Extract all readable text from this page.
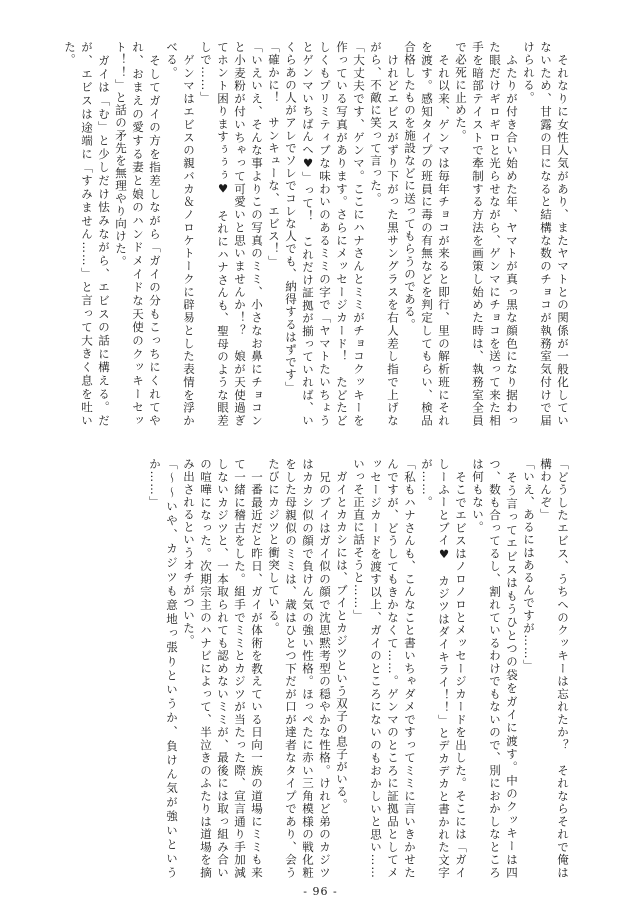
　それなりに女性人気があり、またヤマトとの関係が一般化していないため、甘露の日になると結構な数のチョコが執務室気付けで届けられる。

　ふたりが付き合い始めた年、ヤマトが真っ黒な顔色になり据わった眼だけギロギロと光らせながら、ゲンマにチョコを送って来た相手を暗部テイストで牽制する方法を画策し始めた時は、執務室全員で必死に止めた。

　それ以来、ゲンマは毎年チョコが来ると即行、里の解析班にそれを渡す。感知タイプの班員に毒の有無などを判定してもらい、検品合格したものを施設などに送ってもらうのである。

　けれどエビスがずり下がった黒サングラスを右人差し指で上げながら、不敵に笑って言った。

「大丈夫です、ゲンマ。ここにハナさんとミミがチョコクッキーを作っている写真があります。さらにメッセージカード！　たどたどしくもプリミティブな味わいのあるミミの字で「ヤマトたいちょうとゲンマいちばんへ♥」って！　これだけ証拠が揃っていれば、いくらあの人がアレでソレでコレな人でも、納得するはずです」

「確かに！　サンキューな、エビス！」

「いえいえ、そんな事よりこの写真のミミ、小さなお鼻にチョコンと小麦粉が付いちゃって可愛いと思いませんか！？　娘が天使過ぎてホント困りますぅぅぅ♥　それにハナさんも、聖母のような眼差しで……」

　ゲンマはエビスの親バカ＆ノロケトークに辟易とした表情を浮かべる。

　そしてガイの方を指差しながら「ガイの分もこっちにくれてやれ、おまえの愛する妻と娘のハンドメイドな天使のクッキーセット！！」と話の矛先を無理やり向けた。

　ガイは「む」と少しだけ怯みながら、エビスの話に構える。だが、エビスは途端に「すみません……」と言って大きく息を吐いた。

「どうしたエビス、うちへのクッキーは忘れたか？　それならそれで俺は構わんぞ」

「いえ、あるにはあるんですが……」

　そう言ってエビスはもうひとつの袋をガイに渡す。中のクッキーは四つ、数も合ってるし、割れているわけでもないので、別におかしなところは何もない。

　そこでエビスはノロノロとメッセージカードを出した。そこには「ガイしーふーとブイ♥　カジツはダイキライ！！」とデカデカと書かれた文字が……。

「私もハナさんも、こんなこと書いちゃダメですってミミに言いきかせたんですが、どうしてもきかなくて……。ゲンマのところに証拠品としてメッセージカードを渡す以上、ガイのところにないのもおかしいと思い……いっそ正直に話そうと……」

　ガイとカカシには、ブイとカジツという双子の息子がいる。

　兄のブイはガイ似の顔で沈思黙考型の穏やかな性格。けれど弟のカジツはカカシ似の顔で負けん気の強い性格。ほっぺたに赤い三角模様の戦化粧をした母親似のミミは、歳はひとつ下だが口が達者なタイプであり、会うたびにカジツと衝突している。

　一番最近だと昨日、ガイが体術を教えている日向一族の道場にミミも来て一緒に稽古をした。組手でミミとカジツが当たった際、宣言通り手加減しないカジツと、一本取られても認めないミミが、最後には取っ組み合いの喧嘩になった。次期宗主のハナビによって、半泣きのふたりは道場を摘み出されるというオチがついた。

「〜〜いや、カジツも意地っ張りというか、負けん気が強いというか……」

- 96 -
